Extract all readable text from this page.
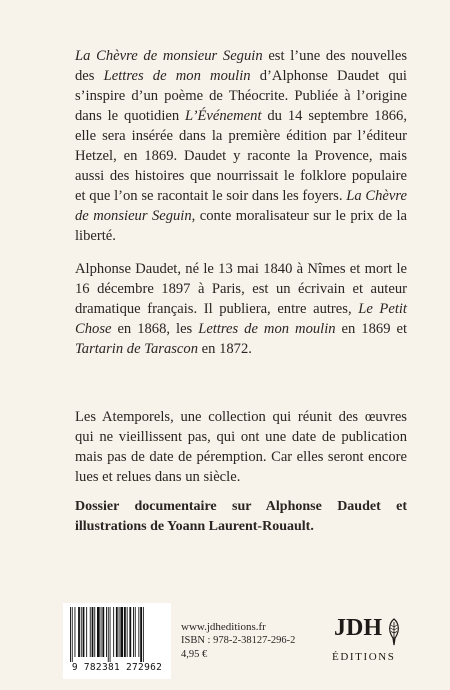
La Chèvre de monsieur Seguin est l’une des nouvelles des Lettres de mon moulin d’Alphonse Daudet qui s’inspire d’un poème de Théocrite. Publiée à l’origine dans le quotidien L’Événement du 14 septembre 1866, elle sera insérée dans la première édition par l’éditeur Hetzel, en 1869. Daudet y raconte la Provence, mais aussi des histoires que nourrissait le folklore populaire et que l’on se racontait le soir dans les foyers. La Chèvre de monsieur Seguin, conte moralisateur sur le prix de la liberté.

Alphonse Daudet, né le 13 mai 1840 à Nîmes et mort le 16 décembre 1897 à Paris, est un écrivain et auteur dramatique français. Il publiera, entre autres, Le Petit Chose en 1868, les Lettres de mon moulin en 1869 et Tartarin de Tarascon en 1872.

Les Atemporels, une collection qui réunit des œuvres qui ne vieillissent pas, qui ont une date de publication mais pas de date de péremption. Car elles seront encore lues et relues dans un siècle.

Dossier documentaire sur Alphonse Daudet et illustrations de Yoann Laurent-Rouault.

9 782381 272962
www.jdheditions.fr
ISBN : 978-2-38127-296-2
4,95 €
JDH
ÉDITIONS
